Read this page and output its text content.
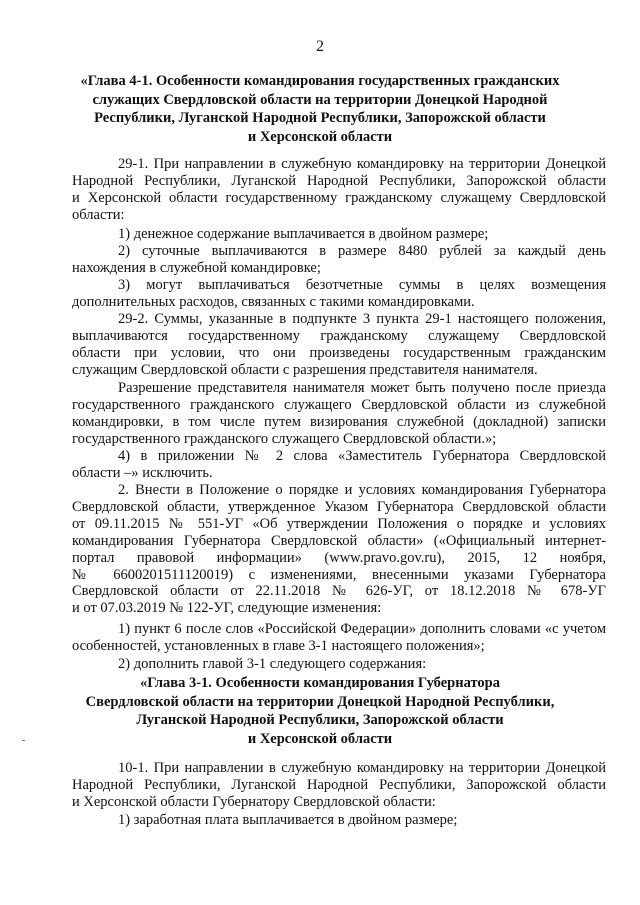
2
«Глава 4-1. Особенности командирования государственных гражданских
служащих Свердловской области на территории Донецкой Народной
Республики, Луганской Народной Республики, Запорожской области
и Херсонской области
29-1. При направлении в служебную командировку на территории Донецкой
Народной Республики, Луганской Народной Республики, Запорожской области
и Херсонской области государственному гражданскому служащему Свердловской
области:
1) денежное содержание выплачивается в двойном размере;
2) суточные выплачиваются в размере 8480 рублей за каждый день
нахождения в служебной командировке;
3) могут выплачиваться безотчетные суммы в целях возмещения
дополнительных расходов, связанных с такими командировками.
29-2. Суммы, указанные в подпункте 3 пункта 29-1 настоящего положения,
выплачиваются государственному гражданскому служащему Свердловской
области при условии, что они произведены государственным гражданским
служащим Свердловской области с разрешения представителя нанимателя.
Разрешение представителя нанимателя может быть получено после приезда
государственного гражданского служащего Свердловской области из служебной
командировки, в том числе путем визирования служебной (докладной) записки
государственного гражданского служащего Свердловской области.»;
4) в приложении № 2 слова «Заместитель Губернатора Свердловской
области –» исключить.
2. Внести в Положение о порядке и условиях командирования Губернатора
Свердловской области, утвержденное Указом Губернатора Свердловской области
от 09.11.2015 № 551-УГ «Об утверждении Положения о порядке и условиях
командирования Губернатора Свердловской области» («Официальный интернет-
портал правовой информации» (www.pravo.gov.ru), 2015, 12 ноября,
№ 6600201511120019) с изменениями, внесенными указами Губернатора
Свердловской области от 22.11.2018 № 626-УГ, от 18.12.2018 № 678-УГ
и от 07.03.2019 № 122-УГ, следующие изменения:
1) пункт 6 после слов «Российской Федерации» дополнить словами «с учетом
особенностей, установленных в главе 3-1 настоящего положения»;
2) дополнить главой 3-1 следующего содержания:
«Глава 3-1. Особенности командирования Губернатора
Свердловской области на территории Донецкой Народной Республики,
Луганской Народной Республики, Запорожской области
и Херсонской области
10-1. При направлении в служебную командировку на территории Донецкой
Народной Республики, Луганской Народной Республики, Запорожской области
и Херсонской области Губернатору Свердловской области:
1) заработная плата выплачивается в двойном размере;
